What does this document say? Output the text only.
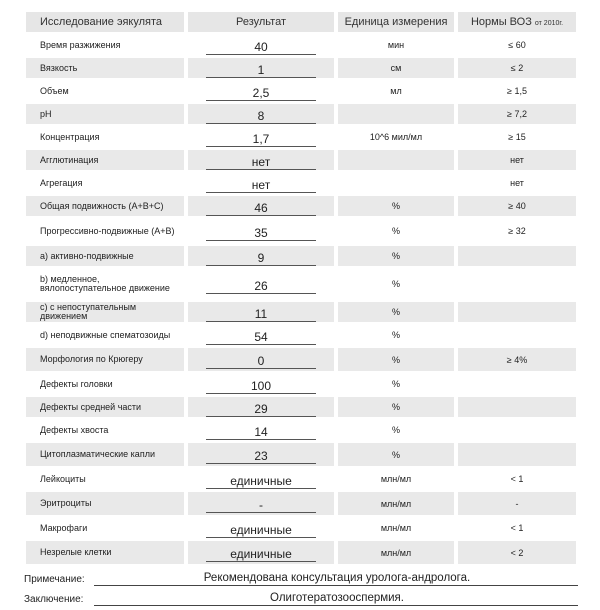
Исследование эякулята		Результат		Единица измерения		Нормы ВОЗ от 2010г.
Время разжижения		40		мин		≤ 60
Вязкость		1		см		≤ 2
Объем		2,5		мл		≥ 1,5
pH		8				≥ 7,2
Концентрация		1,7		10^6 мил/мл		≥ 15
Агглютинация		нет				нет
Агрегация		нет				нет
Общая подвижность (A+B+C)		46		%		≥ 40
Прогрессивно-подвижные (A+B)		35		%		≥ 32
a) активно-подвижные		9		%		
b) медленное, вялопоступательное движение		26		%		
c) с непоступательным движением		11		%		
d) неподвижные спематозоиды		54		%		
Морфология по Крюгеру		0		%		≥ 4%
Дефекты головки		100		%		
Дефекты средней части		29		%		
Дефекты хвоста		14		%		
Цитоплазматические капли		23		%		
Лейкоциты		единичные		млн/мл		< 1
Эритроциты		-		млн/мл		-
Макрофаги		единичные		млн/мл		< 1
Незрелые клетки		единичные		млн/мл		< 2
Примечание:	Рекомендована консультация уролога-андролога.
Заключение:	Олиготератозооспермия.
